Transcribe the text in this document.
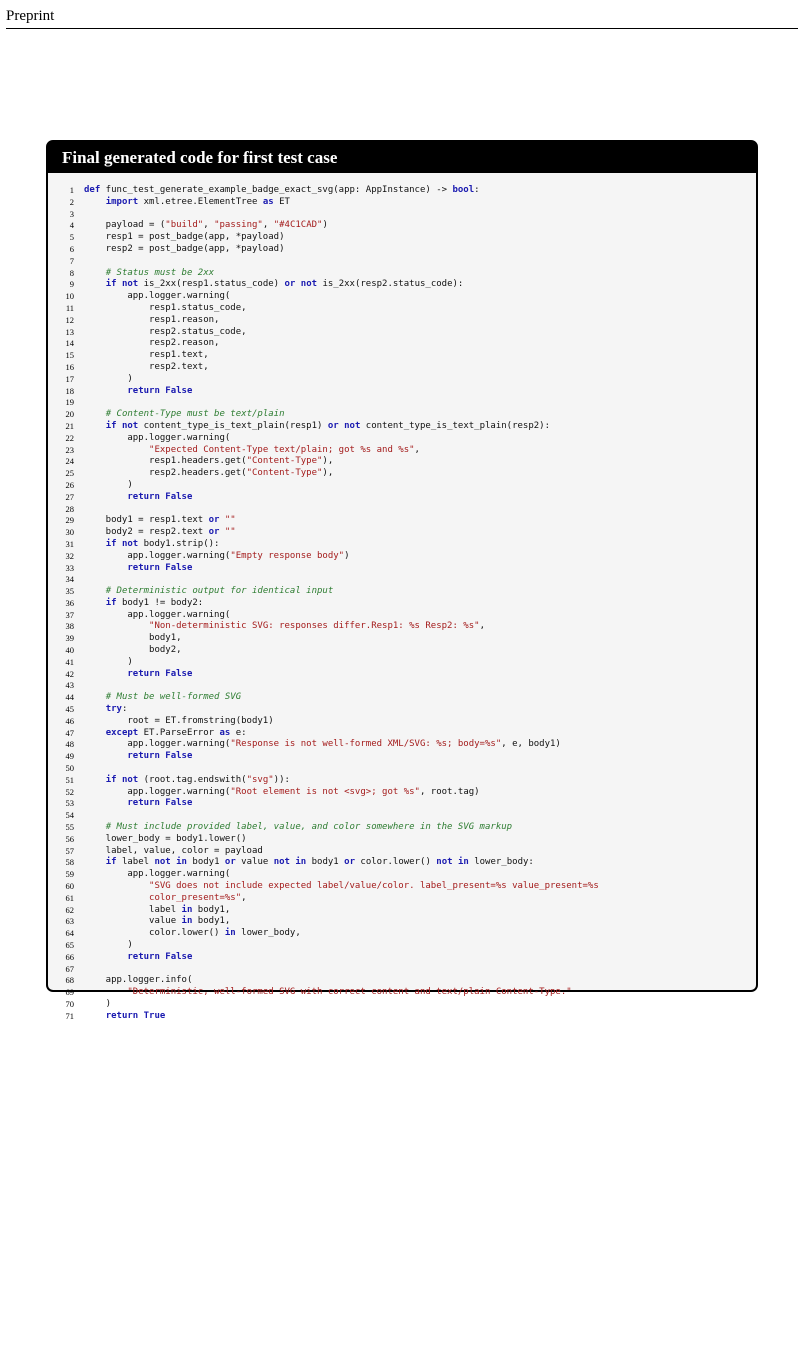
Preprint
Final generated code for first test case
1 def func_test_generate_example_badge_exact_svg(app: AppInstance) -> bool:
2	import xml.etree.ElementTree as ET
3
4    payload = ("build", "passing", "#4C1CAD")
5    resp1 = post_badge(app, *payload)
6    resp2 = post_badge(app, *payload)
7
8	# Status must be 2xx
9	if not is_2xx(resp1.status_code) or not is_2xx(resp2.status_code):
10        app.logger.warning(
11            resp1.status_code,
12            resp1.reason,
13            resp2.status_code,
14            resp2.reason,
15            resp1.text,
16            resp2.text,
17        )
18	return False
19
20	# Content-Type must be text/plain
21	if not content_type_is_text_plain(resp1) or not content_type_is_text_plain(resp2):
22        app.logger.warning(
23	"Expected Content-Type text/plain; got %s and %s",
24            resp1.headers.get("Content-Type"),
25            resp2.headers.get("Content-Type"),
26        )
27	return False
28
29    body1 = resp1.text or ""
30    body2 = resp2.text or ""
31	if not body1.strip():
32        app.logger.warning("Empty response body")
33	return False
34
35	# Deterministic output for identical input
36	if body1 != body2:
37        app.logger.warning(
38	"Non-deterministic SVG: responses differ.Resp1: %s Resp2: %s",
39            body1,
40            body2,
41        )
42	return False
43
44	# Must be well-formed SVG
45	try:
46        root = ET.fromstring(body1)
47	except ET.ParseError as e:
48        app.logger.warning("Response is not well-formed XML/SVG: %s; body=%s", e, body1)
49	return False
50
51	if not (root.tag.endswith("svg")):
52        app.logger.warning("Root element is not <svg>; got %s", root.tag)
53	return False
54
55	# Must include provided label, value, and color somewhere in the SVG markup
56    lower_body = body1.lower()
57    label, value, color = payload
58	if label not in body1 or value not in body1 or color.lower() not in lower_body:
59        app.logger.warning(
60	"SVG does not include expected label/value/color. label_present=%s value_present=%s
61	color_present=%s",
62            label in body1,
63            value in body1,
64            color.lower() in lower_body,
65        )
66	return False
67
68    app.logger.info(
69	"Deterministic, well-formed SVG with correct content and text/plain Content-Type."
70    )
71	return True
